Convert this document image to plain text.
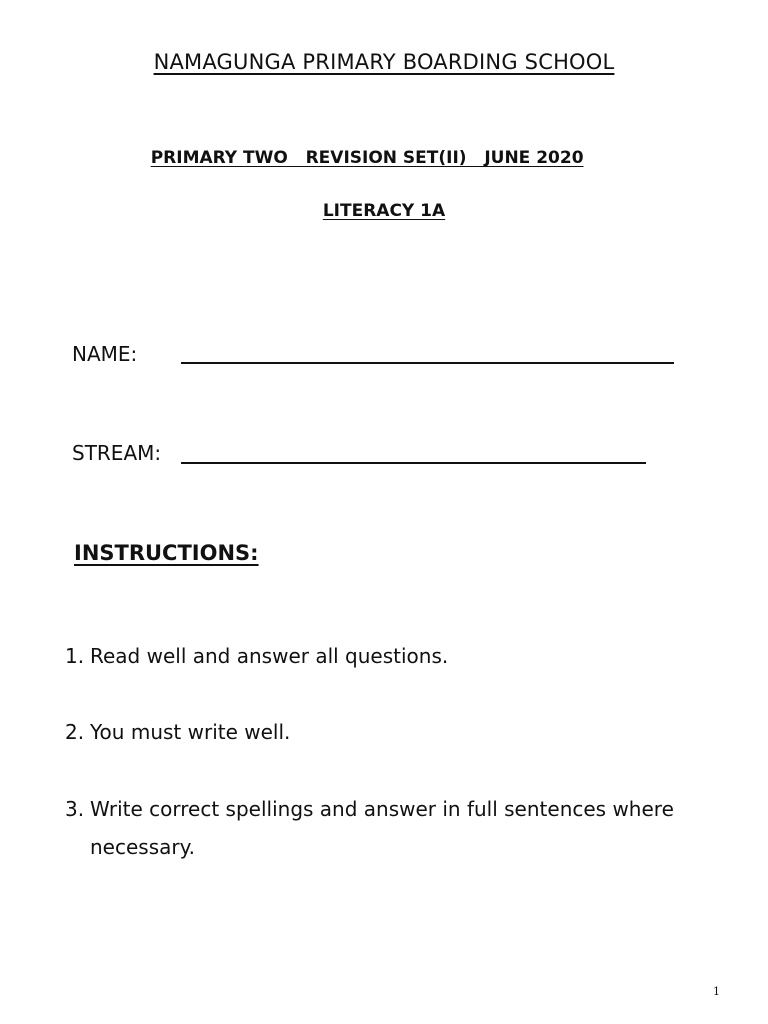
NAMAGUNGA PRIMARY BOARDING SCHOOL

PRIMARY TWO   REVISION SET(II)   JUNE 2020

LITERACY 1A
NAME:
STREAM:
INSTRUCTIONS:
1. Read well and answer all questions.
2. You must write well.
3. Write correct spellings and answer in full sentences where necessary.
1
